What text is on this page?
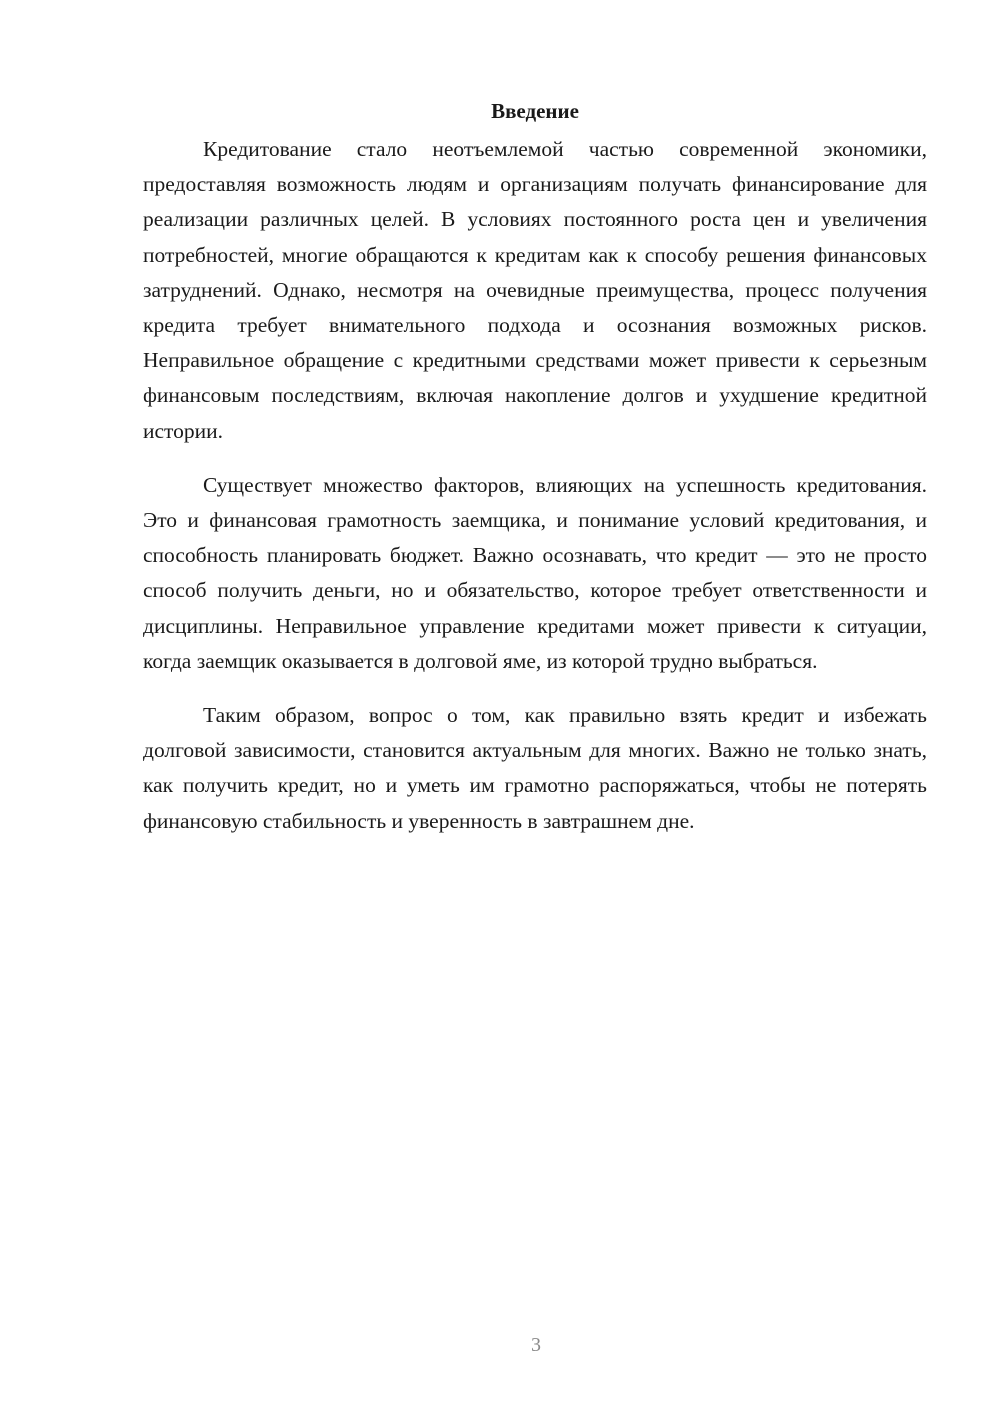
Введение

Кредитование стало неотъемлемой частью современной экономики, предоставляя возможность людям и организациям получать финансирование для реализации различных целей. В условиях постоянного роста цен и увеличения потребностей, многие обращаются к кредитам как к способу решения финансовых затруднений. Однако, несмотря на очевидные преимущества, процесс получения кредита требует внимательного подхода и осознания возможных рисков. Неправильное обращение с кредитными средствами может привести к серьезным финансовым последствиям, включая накопление долгов и ухудшение кредитной истории.

Существует множество факторов, влияющих на успешность кредитования. Это и финансовая грамотность заемщика, и понимание условий кредитования, и способность планировать бюджет. Важно осознавать, что кредит — это не просто способ получить деньги, но и обязательство, которое требует ответственности и дисциплины. Неправильное управление кредитами может привести к ситуации, когда заемщик оказывается в долговой яме, из которой трудно выбраться.

Таким образом, вопрос о том, как правильно взять кредит и избежать долговой зависимости, становится актуальным для многих. Важно не только знать, как получить кредит, но и уметь им грамотно распоряжаться, чтобы не потерять финансовую стабильность и уверенность в завтрашнем дне.

3
